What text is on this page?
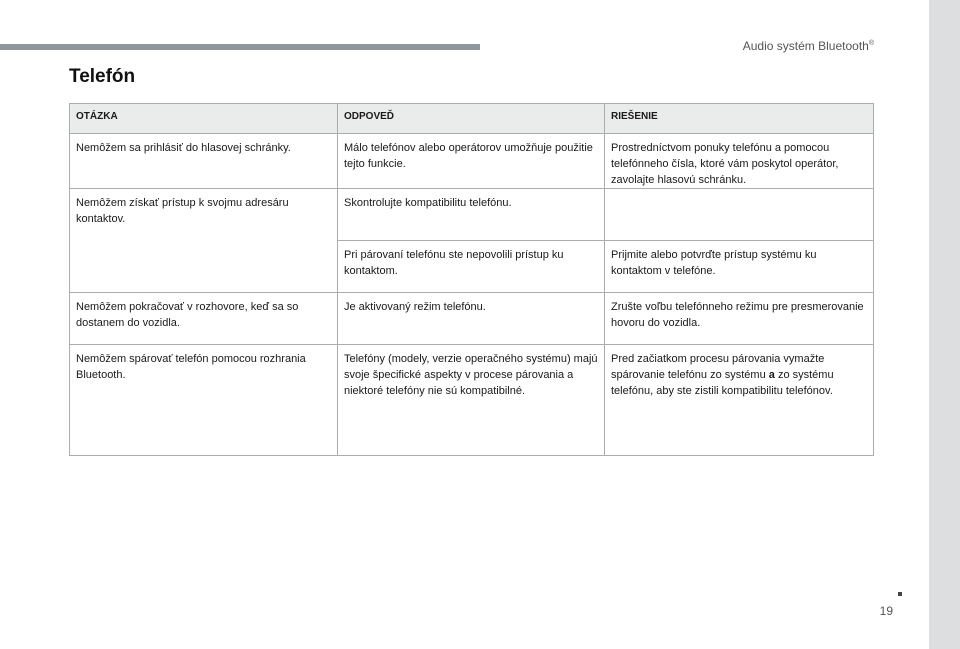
Audio systém Bluetooth®
Telefón
OTÁZKA	ODPOVEĎ	RIEŠENIE
Nemôžem sa prihlásiť do hlasovej schránky.	Málo telefónov alebo operátorov umožňuje použitie tejto funkcie.	Prostredníctvom ponuky telefónu a pomocou telefónneho čísla, ktoré vám poskytol operátor, zavolajte hlasovú schránku.
Nemôžem získať prístup k svojmu adresáru kontaktov.	Skontrolujte kompatibilitu telefónu.	
	Pri párovaní telefónu ste nepovolili prístup ku kontaktom.	Prijmite alebo potvrďte prístup systému ku kontaktom v telefóne.
Nemôžem pokračovať v rozhovore, keď sa so dostanem do vozidla.	Je aktivovaný režim telefónu.	Zrušte voľbu telefónneho režimu pre presmerovanie hovoru do vozidla.
Nemôžem spárovať telefón pomocou rozhrania Bluetooth.	Telefóny (modely, verzie operačného systému) majú svoje špecifické aspekty v procese párovania a niektoré telefóny nie sú kompatibilné.	Pred začiatkom procesu párovania vymažte spárovanie telefónu zo systému a zo systému telefónu, aby ste zistili kompatibilitu telefónov.
19
